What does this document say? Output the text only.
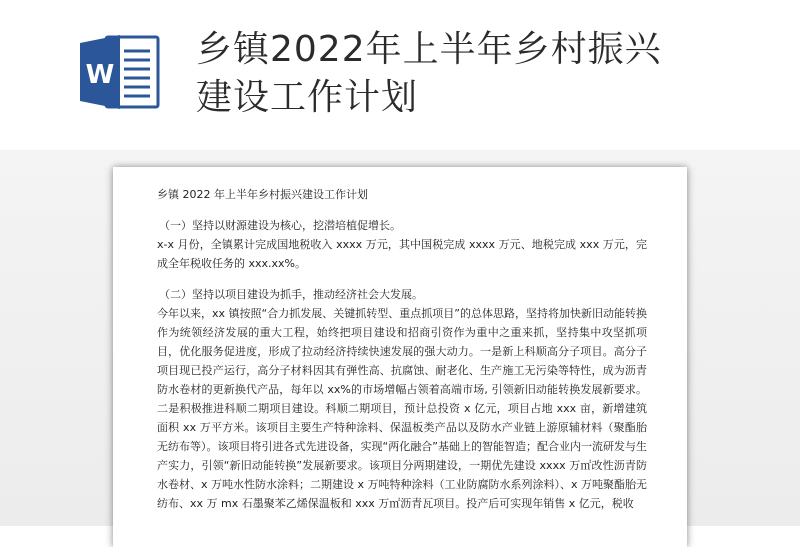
W
乡镇2022年上半年乡村振兴
建设工作计划

乡镇 2022 年上半年乡村振兴建设工作计划

（一）坚持以财源建设为核心，挖潜培植促增长。

x-x 月份，全镇累计完成国地税收入 xxxx 万元，其中国税完成 xxxx 万元、地税完成 xxx 万元，完成全年税收任务的 xxx.xx%。

（二）坚持以项目建设为抓手，推动经济社会大发展。

今年以来，xx 镇按照“合力抓发展、关键抓转型、重点抓项目”的总体思路，坚持将加快新旧动能转换作为统领经济发展的重大工程，始终把项目建设和招商引资作为重中之重来抓，坚持集中攻坚抓项目，优化服务促进度，形成了拉动经济持续快速发展的强大动力。一是新上科顺高分子项目。高分子项目现已投产运行，高分子材料因其有弹性高、抗腐蚀、耐老化、生产施工无污染等特性，成为沥青防水卷材的更新换代产品，每年以 xx%的市场增幅占领着高端市场, 引领新旧动能转换发展新要求。二是积极推进科顺二期项目建设。科顺二期项目，预计总投资 x 亿元，项目占地 xxx 亩，新增建筑面积 xx 万平方米。该项目主要生产特种涂料、保温板类产品以及防水产业链上游原辅材料（聚酯胎无纺布等）。该项目将引进各式先进设备，实现“两化融合”基础上的智能智造；配合业内一流研发与生产实力，引领“新旧动能转换”发展新要求。该项目分两期建设，一期优先建设 xxxx 万㎡改性沥青防水卷材、x 万吨水性防水涂料；二期建设 x 万吨特种涂料（工业防腐防水系列涂料）、x 万吨聚酯胎无纺布、xx 万 mx 石墨聚苯乙烯保温板和 xxx 万㎡沥青瓦项目。投产后可实现年销售 x 亿元，税收
